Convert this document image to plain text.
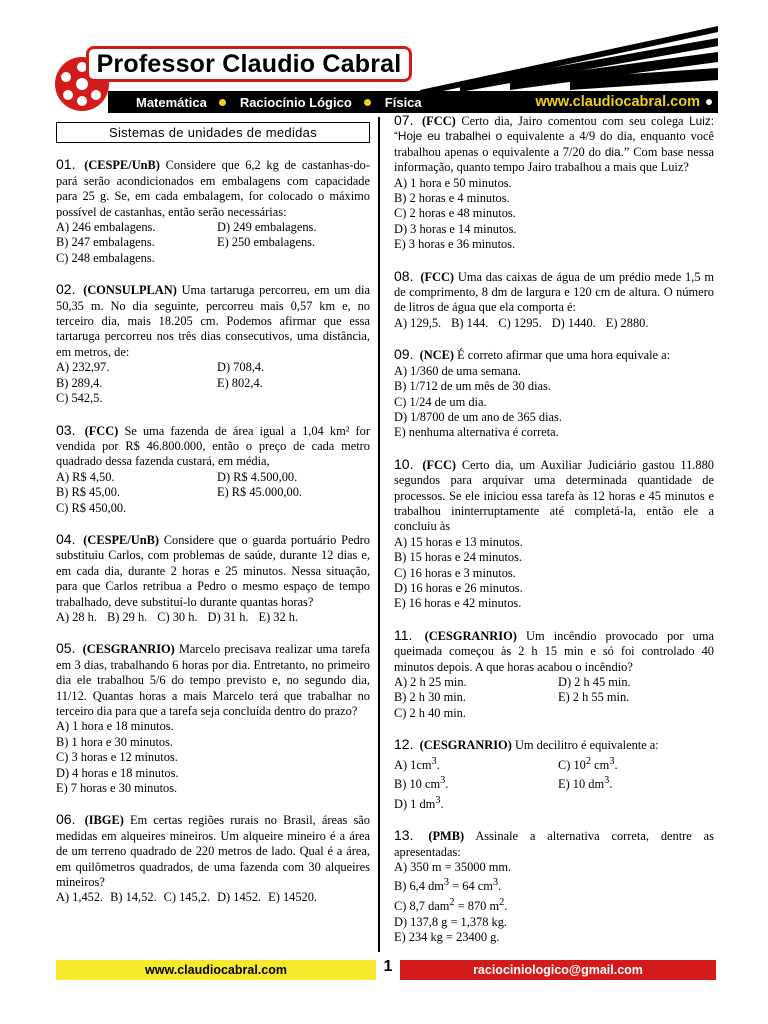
Professor Claudio Cabral
Matemática	Raciocínio Lógico	Física	www.claudiocabral.com
Sistemas de unidades de medidas

01. (CESPE/UnB) Considere que 6,2 kg de castanhas-do-pará serão acondicionados em embalagens com capacidade para 25 g. Se, em cada embalagem, for colocado o máximo possível de castanhas, então serão necessárias:

A) 246 embalagens.	D) 249 embalagens.
B) 247 embalagens.	E) 250 embalagens.
C) 248 embalagens.

02. (CONSULPLAN) Uma tartaruga percorreu, em um dia 50,35 m. No dia seguinte, percorreu mais 0,57 km e, no terceiro dia, mais 18.205 cm. Podemos afirmar que essa tartaruga percorreu nos três dias consecutivos, uma distância, em metros, de:

A) 232,97.	D) 708,4.
B) 289,4.	E) 802,4.
C) 542,5.

03. (FCC) Se uma fazenda de área igual a 1,04 km² for vendida por R$ 46.800.000, então o preço de cada metro quadrado dessa fazenda custará, em média,

A) R$ 4,50.	D) R$ 4.500,00.
B) R$ 45,00.	E) R$ 45.000,00.
C) R$ 450,00.

04. (CESPE/UnB) Considere que o guarda portuário Pedro substituiu Carlos, com problemas de saúde, durante 12 dias e, em cada dia, durante 2 horas e 25 minutos. Nessa situação, para que Carlos retribua a Pedro o mesmo espaço de tempo trabalhado, deve substituí-lo durante quantas horas?

A) 28 h. B) 29 h. C) 30 h. D) 31 h. E) 32 h.

05. (CESGRANRIO) Marcelo precisava realizar uma tarefa em 3 dias, trabalhando 6 horas por dia. Entretanto, no primeiro dia ele trabalhou 5/6 do tempo previsto e, no segundo dia, 11/12. Quantas horas a mais Marcelo terá que trabalhar no terceiro dia para que a tarefa seja concluída dentro do prazo?

A) 1 hora e 18 minutos.
B) 1 hora e 30 minutos.
C) 3 horas e 12 minutos.
D) 4 horas e 18 minutos.
E) 7 horas e 30 minutos.

06. (IBGE) Em certas regiões rurais no Brasil, áreas são medidas em alqueires mineiros. Um alqueire mineiro é a área de um terreno quadrado de 220 metros de lado. Qual é a área, em quilômetros quadrados, de uma fazenda com 30 alqueires mineiros?

A) 1,452. B) 14,52. C) 145,2. D) 1452. E) 14520.

07. (FCC) Certo dia, Jairo comentou com seu colega Luiz: “Hoje eu trabalhei o equivalente a 4/9 do dia, enquanto você trabalhou apenas o equivalente a 7/20 do dia.” Com base nessa informação, quanto tempo Jairo trabalhou a mais que Luiz?

A) 1 hora e 50 minutos.
B) 2 horas e 4 minutos.
C) 2 horas e 48 minutos.
D) 3 horas e 14 minutos.
E) 3 horas e 36 minutos.

08. (FCC) Uma das caixas de água de um prédio mede 1,5 m de comprimento, 8 dm de largura e 120 cm de altura. O número de litros de água que ela comporta é:

A) 129,5. B) 144. C) 1295. D) 1440. E) 2880.

09. (NCE) É correto afirmar que uma hora equivale a:

A) 1/360 de uma semana.
B) 1/712 de um mês de 30 dias.
C) 1/24 de um dia.
D) 1/8700 de um ano de 365 dias.
E) nenhuma alternativa é correta.

10. (FCC) Certo dia, um Auxiliar Judiciário gastou 11.880 segundos para arquivar uma determinada quantidade de processos. Se ele iniciou essa tarefa às 12 horas e 45 minutos e trabalhou ininterruptamente até completá-la, então ele a concluiu às

A) 15 horas e 13 minutos.
B) 15 horas e 24 minutos.
C) 16 horas e 3 minutos.
D) 16 horas e 26 minutos.
E) 16 horas e 42 minutos.

11. (CESGRANRIO) Um incêndio provocado por uma queimada começou às 2 h 15 min e só foi controlado 40 minutos depois. A que horas acabou o incêndio?

A) 2 h 25 min.	D) 2 h 45 min.
B) 2 h 30 min.	E) 2 h 55 min.
C) 2 h 40 min.

12. (CESGRANRIO) Um decilitro é equivalente a:

A) $1cm^3$.	C) $10^2$ $cm^3$.
B) 10 $cm^3$.	E) 10 $dm^3$.
D) 1 $dm^3$.

13. (PMB) Assinale a alternativa correta, dentre as apresentadas:

A) 350 m = 35000 mm.
B) 6,4 $dm^3 = 64$ $cm^3$.
C) 8,7 dam$^2$ = 870 $m^2$.
D) 137,8 g = 1,378 kg.
E) 234 kg = 23400 g.
www.claudiocabral.com	1	raciociniologico@gmail.com
